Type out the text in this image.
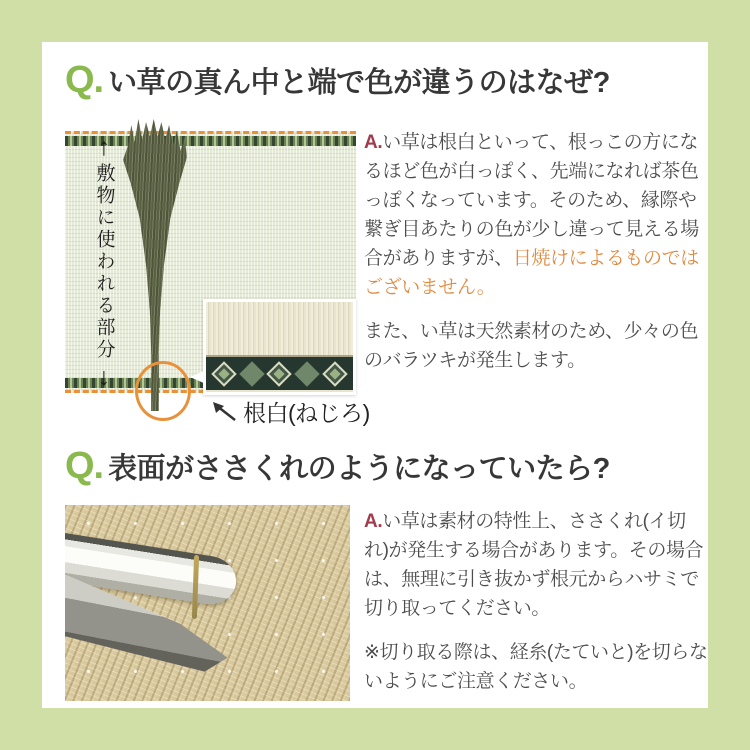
Q. い草の真ん中と端で色が違うのはなぜ?
↑
敷物に使われる部分
↓
根白(ねじろ)

A.い草は根白といって、根っこの方になるほど色が白っぽく、先端になれば茶色っぽくなっています。そのため、縁際や繋ぎ目あたりの色が少し違って見える場合がありますが、日焼けによるものではございません。

また、い草は天然素材のため、少々の色のバラツキが発生します。

Q. 表面がささくれのようになっていたら?

A.い草は素材の特性上、ささくれ(イ切れ)が発生する場合があります。その場合は、無理に引き抜かず根元からハサミで切り取ってください。

※切り取る際は、経糸(たていと)を切らないようにご注意ください。
